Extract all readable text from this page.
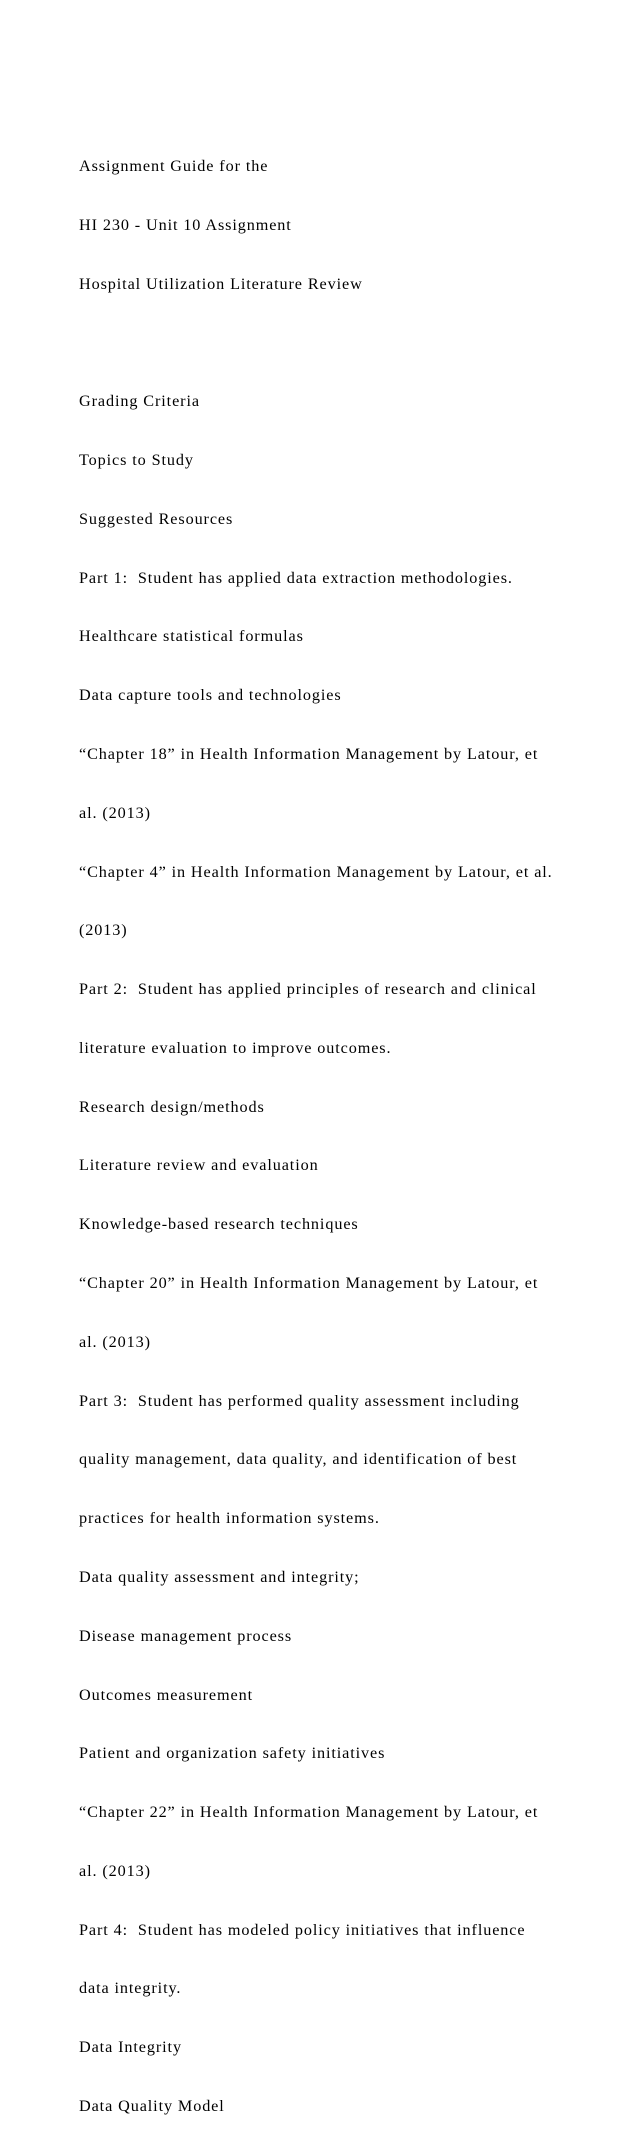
Assignment Guide for the

HI 230 - Unit 10 Assignment

Hospital Utilization Literature Review

Grading Criteria

Topics to Study

Suggested Resources

Part 1:  Student has applied data extraction methodologies.

Healthcare statistical formulas

Data capture tools and technologies

“Chapter 18” in Health Information Management by Latour, et

al. (2013)

“Chapter 4” in Health Information Management by Latour, et al.

(2013)

Part 2:  Student has applied principles of research and clinical

literature evaluation to improve outcomes.

Research design/methods

Literature review and evaluation

Knowledge-based research techniques

“Chapter 20” in Health Information Management by Latour, et

al. (2013)

Part 3:  Student has performed quality assessment including

quality management, data quality, and identification of best

practices for health information systems.

Data quality assessment and integrity;

Disease management process

Outcomes measurement

Patient and organization safety initiatives

“Chapter 22” in Health Information Management by Latour, et

al. (2013)

Part 4:  Student has modeled policy initiatives that influence

data integrity.

Data Integrity

Data Quality Model
